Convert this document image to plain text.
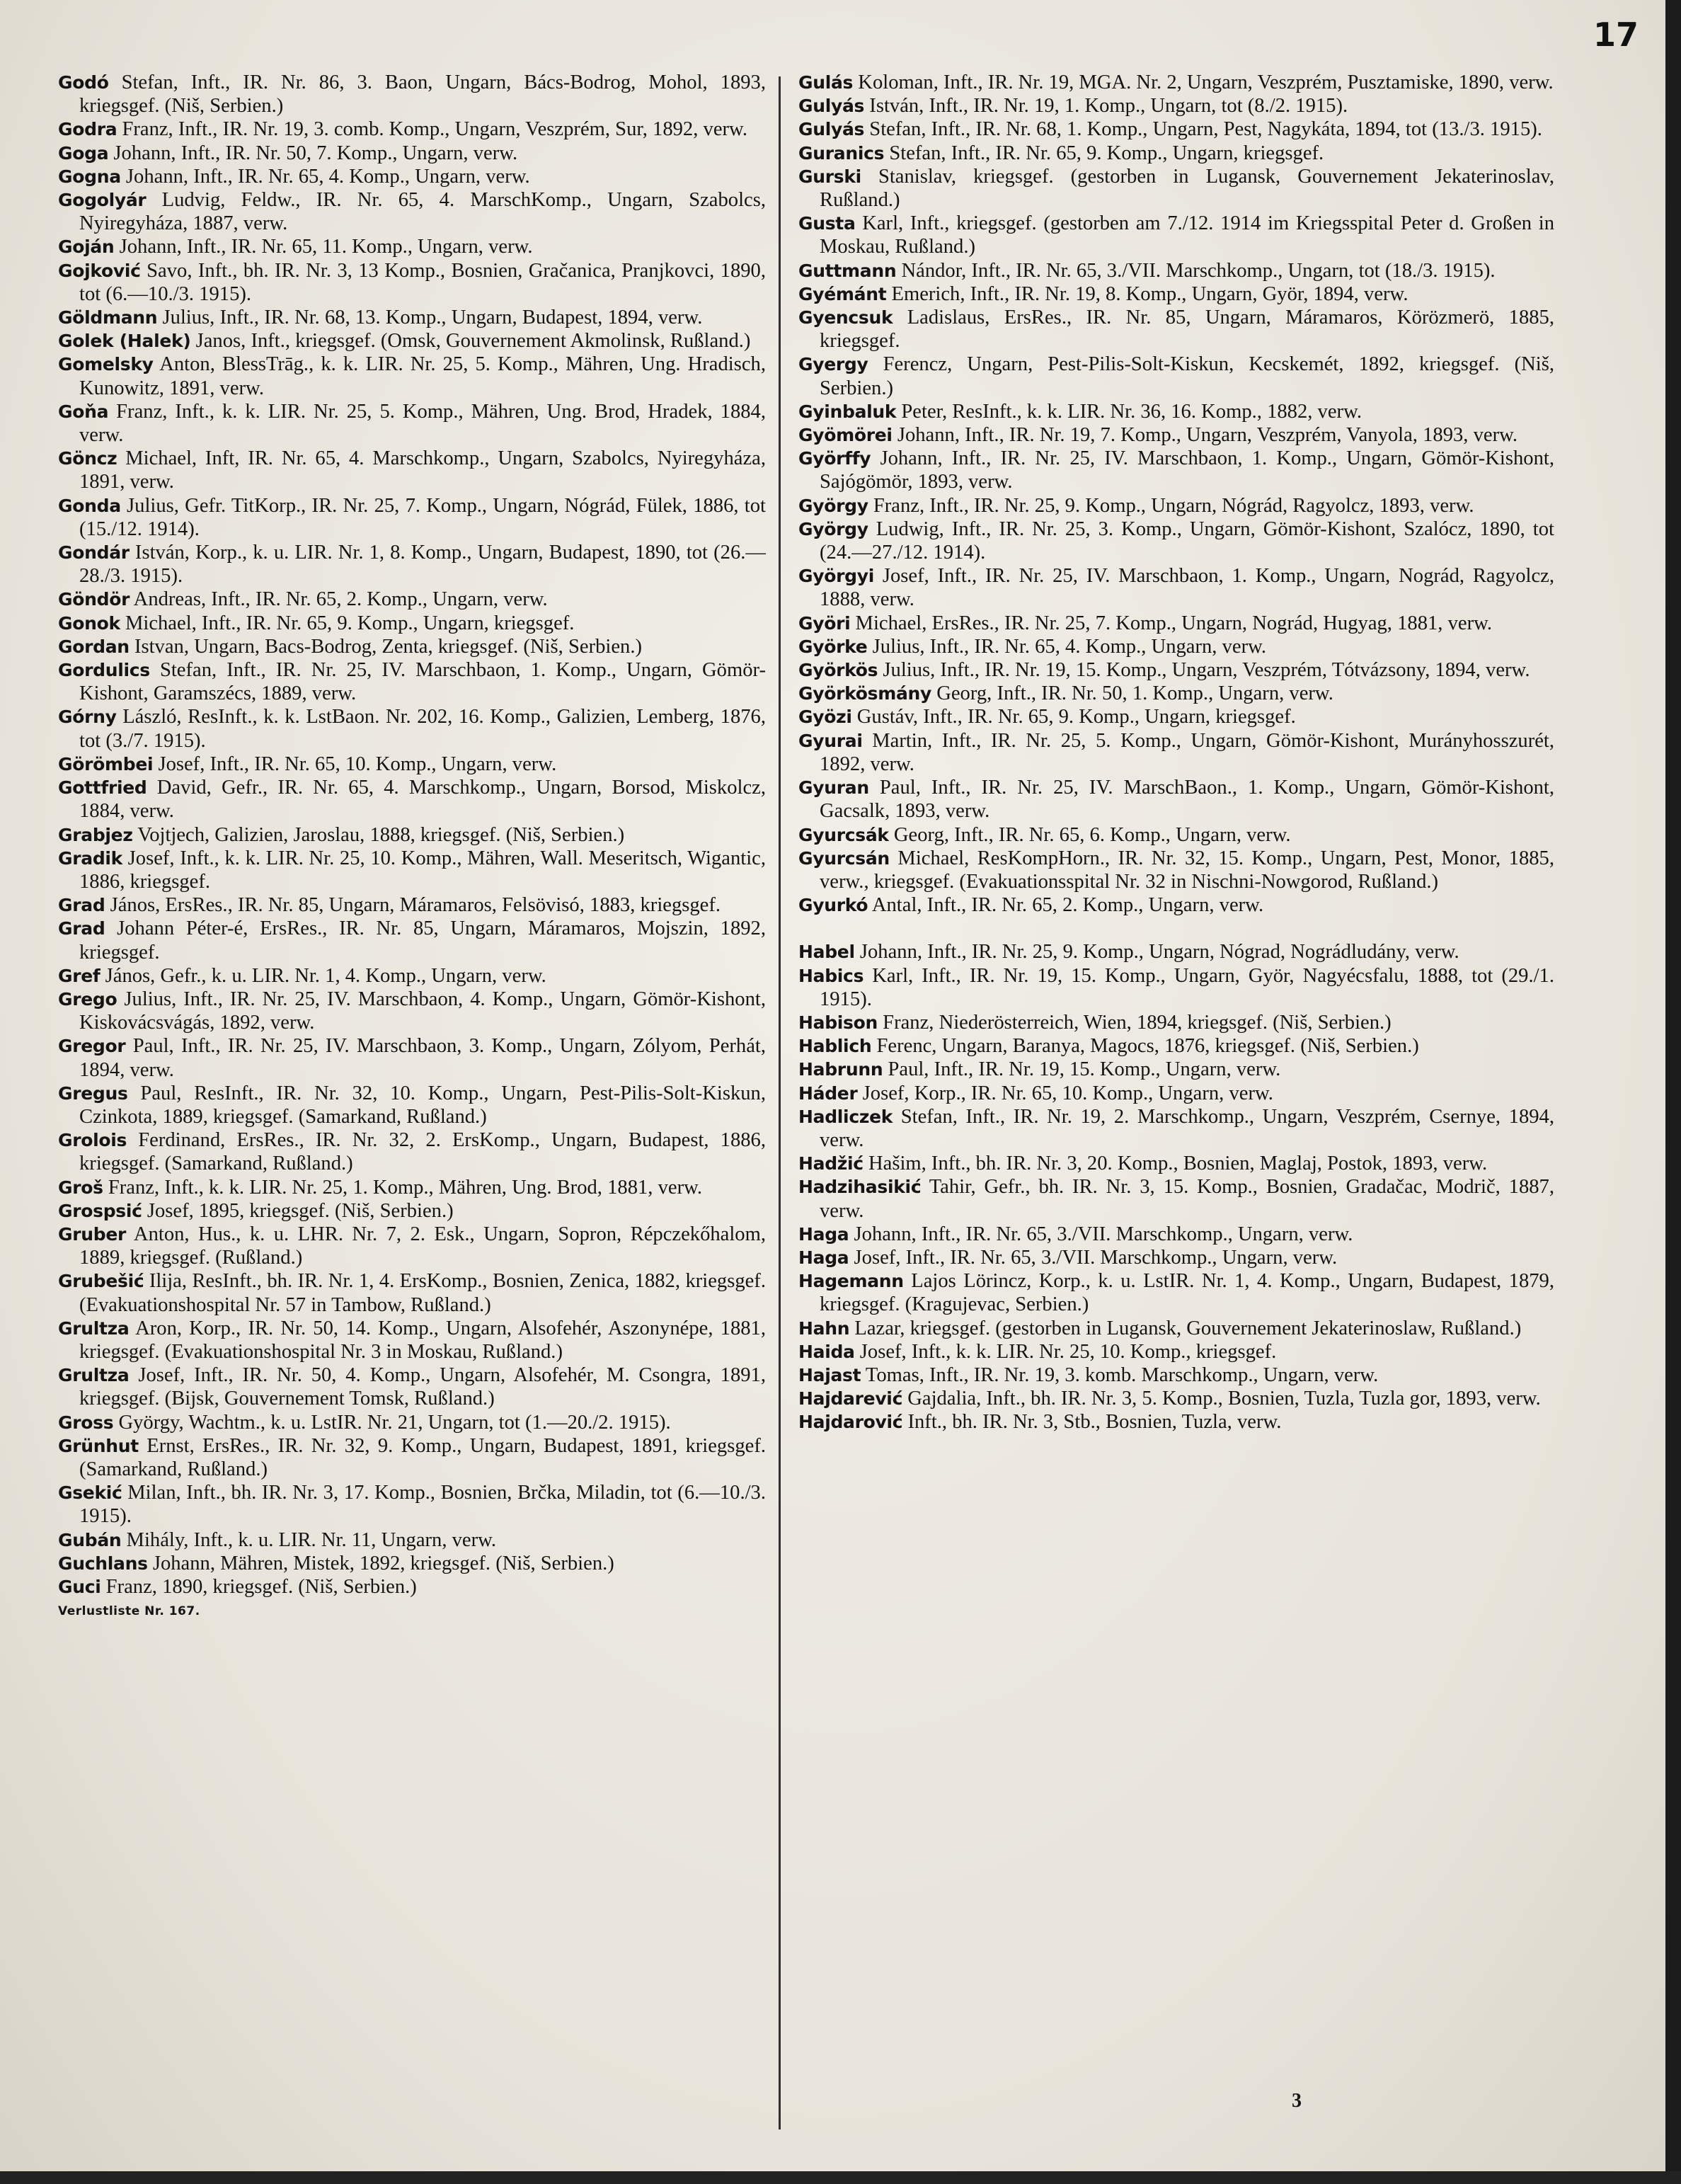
17

Godó Stefan, Inft., IR. Nr. 86, 3. Baon, Ungarn, Bács-Bodrog, Mohol, 1893, kriegsgef. (Niš, Serbien.)

Godra Franz, Inft., IR. Nr. 19, 3. comb. Komp., Ungarn, Veszprém, Sur, 1892, verw.

Goga Johann, Inft., IR. Nr. 50, 7. Komp., Ungarn, verw.

Gogna Johann, Inft., IR. Nr. 65, 4. Komp., Ungarn, verw.

Gogolyár Ludvig, Feldw., IR. Nr. 65, 4. MarschKomp., Ungarn, Szabolcs, Nyiregyháza, 1887, verw.

Goján Johann, Inft., IR. Nr. 65, 11. Komp., Ungarn, verw.

Gojković Savo, Inft., bh. IR. Nr. 3, 13 Komp., Bosnien, Gračanica, Pranjkovci, 1890, tot (6.—10./3. 1915).

Göldmann Julius, Inft., IR. Nr. 68, 13. Komp., Ungarn, Budapest, 1894, verw.

Golek (Halek) Janos, Inft., kriegsgef. (Omsk, Gouvernement Akmolinsk, Rußland.)

Gomelsky Anton, BlessTrāg., k. k. LIR. Nr. 25, 5. Komp., Mähren, Ung. Hradisch, Kunowitz, 1891, verw.

Goňa Franz, Inft., k. k. LIR. Nr. 25, 5. Komp., Mähren, Ung. Brod, Hradek, 1884, verw.

Göncz Michael, Inft, IR. Nr. 65, 4. Marschkomp., Ungarn, Szabolcs, Nyiregyháza, 1891, verw.

Gonda Julius, Gefr. TitKorp., IR. Nr. 25, 7. Komp., Ungarn, Nógrád, Fülek, 1886, tot (15./12. 1914).

Gondár István, Korp., k. u. LIR. Nr. 1, 8. Komp., Ungarn, Budapest, 1890, tot (26.—28./3. 1915).

Göndör Andreas, Inft., IR. Nr. 65, 2. Komp., Ungarn, verw.

Gonok Michael, Inft., IR. Nr. 65, 9. Komp., Ungarn, kriegsgef.

Gordan Istvan, Ungarn, Bacs-Bodrog, Zenta, kriegsgef. (Niš, Serbien.)

Gordulics Stefan, Inft., IR. Nr. 25, IV. Marschbaon, 1. Komp., Ungarn, Gömör-Kishont, Garamszécs, 1889, verw.

Górny László, ResInft., k. k. LstBaon. Nr. 202, 16. Komp., Galizien, Lemberg, 1876, tot (3./7. 1915).

Görömbei Josef, Inft., IR. Nr. 65, 10. Komp., Ungarn, verw.

Gottfried David, Gefr., IR. Nr. 65, 4. Marschkomp., Ungarn, Borsod, Miskolcz, 1884, verw.

Grabjez Vojtjech, Galizien, Jaroslau, 1888, kriegsgef. (Niš, Serbien.)

Gradik Josef, Inft., k. k. LIR. Nr. 25, 10. Komp., Mähren, Wall. Meseritsch, Wigantic, 1886, kriegsgef.

Grad János, ErsRes., IR. Nr. 85, Ungarn, Máramaros, Felsövisó, 1883, kriegsgef.

Grad Johann Péter-é, ErsRes., IR. Nr. 85, Ungarn, Máramaros, Mojszin, 1892, kriegsgef.

Gref János, Gefr., k. u. LIR. Nr. 1, 4. Komp., Ungarn, verw.

Grego Julius, Inft., IR. Nr. 25, IV. Marschbaon, 4. Komp., Ungarn, Gömör-Kishont, Kiskovácsvágás, 1892, verw.

Gregor Paul, Inft., IR. Nr. 25, IV. Marschbaon, 3. Komp., Ungarn, Zólyom, Perhát, 1894, verw.

Gregus Paul, ResInft., IR. Nr. 32, 10. Komp., Ungarn, Pest-Pilis-Solt-Kiskun, Czinkota, 1889, kriegsgef. (Samarkand, Rußland.)

Grolois Ferdinand, ErsRes., IR. Nr. 32, 2. ErsKomp., Ungarn, Budapest, 1886, kriegsgef. (Samarkand, Rußland.)

Groš Franz, Inft., k. k. LIR. Nr. 25, 1. Komp., Mähren, Ung. Brod, 1881, verw.

Grospsić Josef, 1895, kriegsgef. (Niš, Serbien.)

Gruber Anton, Hus., k. u. LHR. Nr. 7, 2. Esk., Ungarn, Sopron, Répczekőhalom, 1889, kriegsgef. (Rußland.)

Grubešić Ilija, ResInft., bh. IR. Nr. 1, 4. ErsKomp., Bosnien, Zenica, 1882, kriegsgef. (Evakuationshospital Nr. 57 in Tambow, Rußland.)

Grultza Aron, Korp., IR. Nr. 50, 14. Komp., Ungarn, Alsofehér, Aszonynépe, 1881, kriegsgef. (Evakuationshospital Nr. 3 in Moskau, Rußland.)

Grultza Josef, Inft., IR. Nr. 50, 4. Komp., Ungarn, Alsofehér, M. Csongra, 1891, kriegsgef. (Bijsk, Gouvernement Tomsk, Rußland.)

Gross György, Wachtm., k. u. LstIR. Nr. 21, Ungarn, tot (1.—20./2. 1915).

Grünhut Ernst, ErsRes., IR. Nr. 32, 9. Komp., Ungarn, Budapest, 1891, kriegsgef. (Samarkand, Rußland.)

Gsekić Milan, Inft., bh. IR. Nr. 3, 17. Komp., Bosnien, Brčka, Miladin, tot (6.—10./3. 1915).

Gubán Mihály, Inft., k. u. LIR. Nr. 11, Ungarn, verw.

Guchlans Johann, Mähren, Mistek, 1892, kriegsgef. (Niš, Serbien.)

Guci Franz, 1890, kriegsgef. (Niš, Serbien.)

Verlustliste Nr. 167.

Gulás Koloman, Inft., IR. Nr. 19, MGA. Nr. 2, Ungarn, Veszprém, Pusztamiske, 1890, verw.

Gulyás István, Inft., IR. Nr. 19, 1. Komp., Ungarn, tot (8./2. 1915).

Gulyás Stefan, Inft., IR. Nr. 68, 1. Komp., Ungarn, Pest, Nagykáta, 1894, tot (13./3. 1915).

Guranics Stefan, Inft., IR. Nr. 65, 9. Komp., Ungarn, kriegsgef.

Gurski Stanislav, kriegsgef. (gestorben in Lugansk, Gouvernement Jekaterinoslav, Rußland.)

Gusta Karl, Inft., kriegsgef. (gestorben am 7./12. 1914 im Kriegsspital Peter d. Großen in Moskau, Rußland.)

Guttmann Nándor, Inft., IR. Nr. 65, 3./VII. Marschkomp., Ungarn, tot (18./3. 1915).

Gyémánt Emerich, Inft., IR. Nr. 19, 8. Komp., Ungarn, Györ, 1894, verw.

Gyencsuk Ladislaus, ErsRes., IR. Nr. 85, Ungarn, Máramaros, Körözmerö, 1885, kriegsgef.

Gyergy Ferencz, Ungarn, Pest-Pilis-Solt-Kiskun, Kecskemét, 1892, kriegsgef. (Niš, Serbien.)

Gyinbaluk Peter, ResInft., k. k. LIR. Nr. 36, 16. Komp., 1882, verw.

Gyömörei Johann, Inft., IR. Nr. 19, 7. Komp., Ungarn, Veszprém, Vanyola, 1893, verw.

Györffy Johann, Inft., IR. Nr. 25, IV. Marschbaon, 1. Komp., Ungarn, Gömör-Kishont, Sajógömör, 1893, verw.

György Franz, Inft., IR. Nr. 25, 9. Komp., Ungarn, Nógrád, Ragyolcz, 1893, verw.

György Ludwig, Inft., IR. Nr. 25, 3. Komp., Ungarn, Gömör-Kishont, Szalócz, 1890, tot (24.—27./12. 1914).

Györgyi Josef, Inft., IR. Nr. 25, IV. Marschbaon, 1. Komp., Ungarn, Nográd, Ragyolcz, 1888, verw.

Györi Michael, ErsRes., IR. Nr. 25, 7. Komp., Ungarn, Nográd, Hugyag, 1881, verw.

Györke Julius, Inft., IR. Nr. 65, 4. Komp., Ungarn, verw.

Györkös Julius, Inft., IR. Nr. 19, 15. Komp., Ungarn, Veszprém, Tótvázsony, 1894, verw.

Györkösmány Georg, Inft., IR. Nr. 50, 1. Komp., Ungarn, verw.

Gyözi Gustáv, Inft., IR. Nr. 65, 9. Komp., Ungarn, kriegsgef.

Gyurai Martin, Inft., IR. Nr. 25, 5. Komp., Ungarn, Gömör-Kishont, Murányhosszurét, 1892, verw.

Gyuran Paul, Inft., IR. Nr. 25, IV. MarschBaon., 1. Komp., Ungarn, Gömör-Kishont, Gacsalk, 1893, verw.

Gyurcsák Georg, Inft., IR. Nr. 65, 6. Komp., Ungarn, verw.

Gyurcsán Michael, ResKompHorn., IR. Nr. 32, 15. Komp., Ungarn, Pest, Monor, 1885, verw., kriegsgef. (Evakuationsspital Nr. 32 in Nischni-Nowgorod, Rußland.)

Gyurkó Antal, Inft., IR. Nr. 65, 2. Komp., Ungarn, verw.

Habel Johann, Inft., IR. Nr. 25, 9. Komp., Ungarn, Nógrad, Nográdludány, verw.

Habics Karl, Inft., IR. Nr. 19, 15. Komp., Ungarn, Györ, Nagyécsfalu, 1888, tot (29./1. 1915).

Habison Franz, Niederösterreich, Wien, 1894, kriegsgef. (Niš, Serbien.)

Hablich Ferenc, Ungarn, Baranya, Magocs, 1876, kriegsgef. (Niš, Serbien.)

Habrunn Paul, Inft., IR. Nr. 19, 15. Komp., Ungarn, verw.

Háder Josef, Korp., IR. Nr. 65, 10. Komp., Ungarn, verw.

Hadliczek Stefan, Inft., IR. Nr. 19, 2. Marschkomp., Ungarn, Veszprém, Csernye, 1894, verw.

Hadžić Hašim, Inft., bh. IR. Nr. 3, 20. Komp., Bosnien, Maglaj, Postok, 1893, verw.

Hadzihasikić Tahir, Gefr., bh. IR. Nr. 3, 15. Komp., Bosnien, Gradačac, Modrič, 1887, verw.

Haga Johann, Inft., IR. Nr. 65, 3./VII. Marschkomp., Ungarn, verw.

Haga Josef, Inft., IR. Nr. 65, 3./VII. Marschkomp., Ungarn, verw.

Hagemann Lajos Lörincz, Korp., k. u. LstIR. Nr. 1, 4. Komp., Ungarn, Budapest, 1879, kriegsgef. (Kragujevac, Serbien.)

Hahn Lazar, kriegsgef. (gestorben in Lugansk, Gouvernement Jekaterinoslaw, Rußland.)

Haida Josef, Inft., k. k. LIR. Nr. 25, 10. Komp., kriegsgef.

Hajast Tomas, Inft., IR. Nr. 19, 3. komb. Marschkomp., Ungarn, verw.

Hajdarević Gajdalia, Inft., bh. IR. Nr. 3, 5. Komp., Bosnien, Tuzla, Tuzla gor, 1893, verw.

Hajdarović Inft., bh. IR. Nr. 3, Stb., Bosnien, Tuzla, verw.

3
